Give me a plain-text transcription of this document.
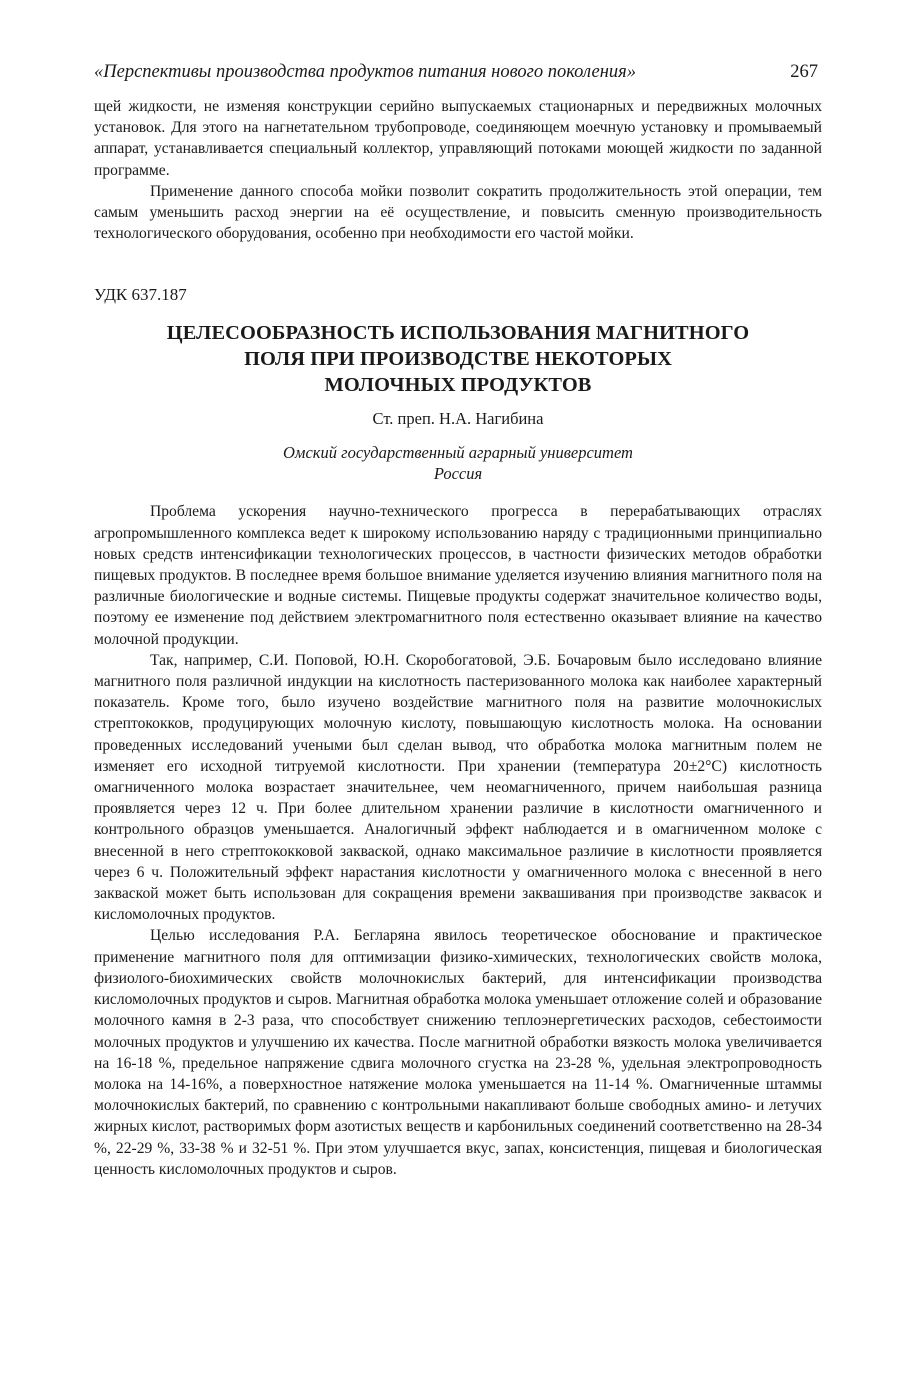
«Перспективы производства продуктов питания нового поколения»	267

щей жидкости, не изменяя конструкции серийно выпускаемых стационарных и передвижных молочных установок. Для этого на нагнетательном трубопроводе, соединяющем моечную установку и промываемый аппарат, устанавливается специальный коллектор, управляющий потоками моющей жидкости по заданной программе.

Применение данного способа мойки позволит сократить продолжительность этой операции, тем самым уменьшить расход энергии на её осуществление, и повысить сменную производительность технологического оборудования, особенно при необходимости его частой мойки.

УДК 637.187
ЦЕЛЕСООБРАЗНОСТЬ ИСПОЛЬЗОВАНИЯ МАГНИТНОГО
ПОЛЯ ПРИ ПРОИЗВОДСТВЕ НЕКОТОРЫХ
МОЛОЧНЫХ ПРОДУКТОВ
Ст. преп. Н.А. Нагибина
Омский государственный аграрный университет
Россия

Проблема ускорения научно-технического прогресса в перерабатывающих отраслях агропромышленного комплекса ведет к широкому использованию наряду с традиционными принципиально новых средств интенсификации технологических процессов, в частности физических методов обработки пищевых продуктов. В последнее время большое внимание уделяется изучению влияния магнитного поля на различные биологические и водные системы. Пищевые продукты содержат значительное количество воды, поэтому ее изменение под действием электромагнитного поля естественно оказывает влияние на качество молочной продукции.

Так, например, С.И. Поповой, Ю.Н. Скоробогатовой, Э.Б. Бочаровым было исследовано влияние магнитного поля различной индукции на кислотность пастеризованного молока как наиболее характерный показатель. Кроме того, было изучено воздействие магнитного поля на развитие молочнокислых стрептококков, продуцирующих молочную кислоту, повышающую кислотность молока. На основании проведенных исследований учеными был сделан вывод, что обработка молока магнитным полем не изменяет его исходной титруемой кислотности. При хранении (температура 20±2°С) кислотность омагниченного молока возрастает значительнее, чем неомагниченного, причем наибольшая разница проявляется через 12 ч. При более длительном хранении различие в кислотности омагниченного и контрольного образцов уменьшается. Аналогичный эффект наблюдается и в омагниченном молоке с внесенной в него стрептококковой закваской, однако максимальное различие в кислотности проявляется через 6 ч. Положительный эффект нарастания кислотности у омагниченного молока с внесенной в него закваской может быть использован для сокращения времени заквашивания при производстве заквасок и кисломолочных продуктов.

Целью исследования Р.А. Бегларяна явилось теоретическое обоснование и практическое применение магнитного поля для оптимизации физико-химических, технологических свойств молока, физиолого-биохимических свойств молочнокислых бактерий, для интенсификации производства кисломолочных продуктов и сыров. Магнитная обработка молока уменьшает отложение солей и образование молочного камня в 2-3 раза, что способствует снижению теплоэнергетических расходов, себестоимости молочных продуктов и улучшению их качества. После магнитной обработки вязкость молока увеличивается на 16-18 %, предельное напряжение сдвига молочного сгустка на 23-28 %, удельная электропроводность молока на 14-16%, а поверхностное натяжение молока уменьшается на 11-14 %. Омагниченные штаммы молочнокислых бактерий, по сравнению с контрольными накапливают больше свободных амино- и летучих жирных кислот, растворимых форм азотистых веществ и карбонильных соединений соответственно на 28-34 %, 22-29 %, 33-38 % и 32-51 %. При этом улучшается вкус, запах, консистенция, пищевая и биологическая ценность кисломолочных продуктов и сыров.
